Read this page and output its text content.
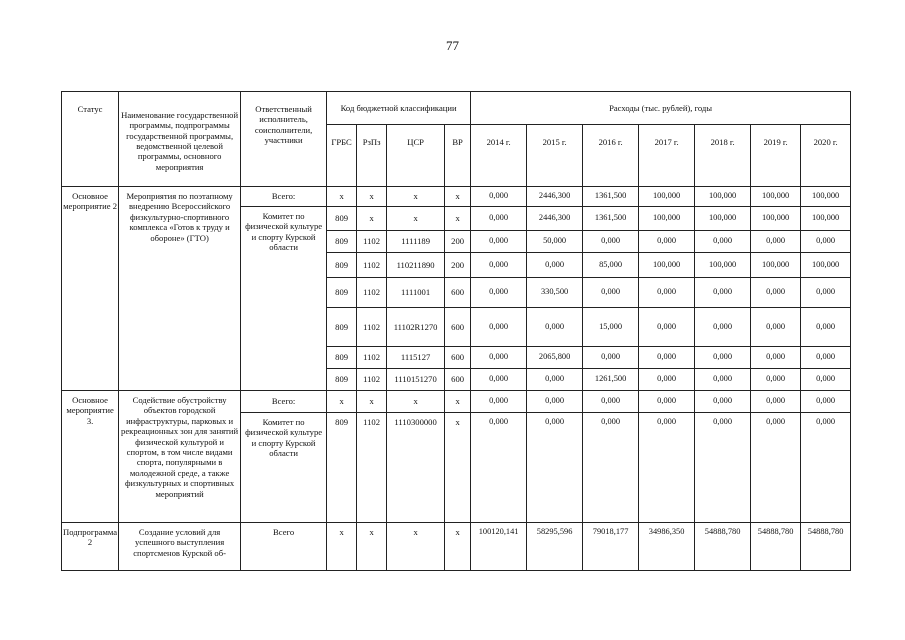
77
Статус	Наименование государственной программы, подпрограммы государственной программы, ведомственной целевой программы, основного мероприятия	Ответственный исполнитель, соисполнители, участники	Код бюджетной классификации				Расходы (тыс. рублей), годы						
			ГРБС	РзПз	ЦСР	ВР	2014 г.	2015 г.	2016 г.	2017 г.	2018 г.	2019 г.	2020 г.
Основное мероприятие 2	Мероприятия по поэтапному внедрению Всероссийского физкультурно-спортивного комплекса «Готов к труду и обороне» (ГТО)	Всего:	х	х	х	х	0,000	2446,300	1361,500	100,000	100,000	100,000	100,000
		Комитет по физической культуре и спорту Курской области	809	х	х	х	0,000	2446,300	1361,500	100,000	100,000	100,000	100,000
			809	1102	1111189	200	0,000	50,000	0,000	0,000	0,000	0,000	0,000
			809	1102	110211890	200	0,000	0,000	85,000	100,000	100,000	100,000	100,000
			809	1102	1111001	600	0,000	330,500	0,000	0,000	0,000	0,000	0,000
			809	1102	11102R1270	600	0,000	0,000	15,000	0,000	0,000	0,000	0,000
			809	1102	1115127	600	0,000	2065,800	0,000	0,000	0,000	0,000	0,000
			809	1102	1110151270	600	0,000	0,000	1261,500	0,000	0,000	0,000	0,000
Основное мероприятие 3.	Содействие обустройству объектов городской инфраструктуры, парковых и рекреационных зон для занятий физической культурой и спортом, в том числе видами спорта, популярными в молодежной среде, а также физкультурных и спортивных мероприятий	Всего:	х	х	х	х	0,000	0,000	0,000	0,000	0,000	0,000	0,000
		Комитет по физической культуре и спорту Курской области	809	1102	1110300000	х	0,000	0,000	0,000	0,000	0,000	0,000	0,000
Подпрограмма 2	Создание условий для успешного выступления спортсменов Курской об-	Всего	х	х	х	х	100120,141	58295,596	79018,177	34986,350	54888,780	54888,780	54888,780
